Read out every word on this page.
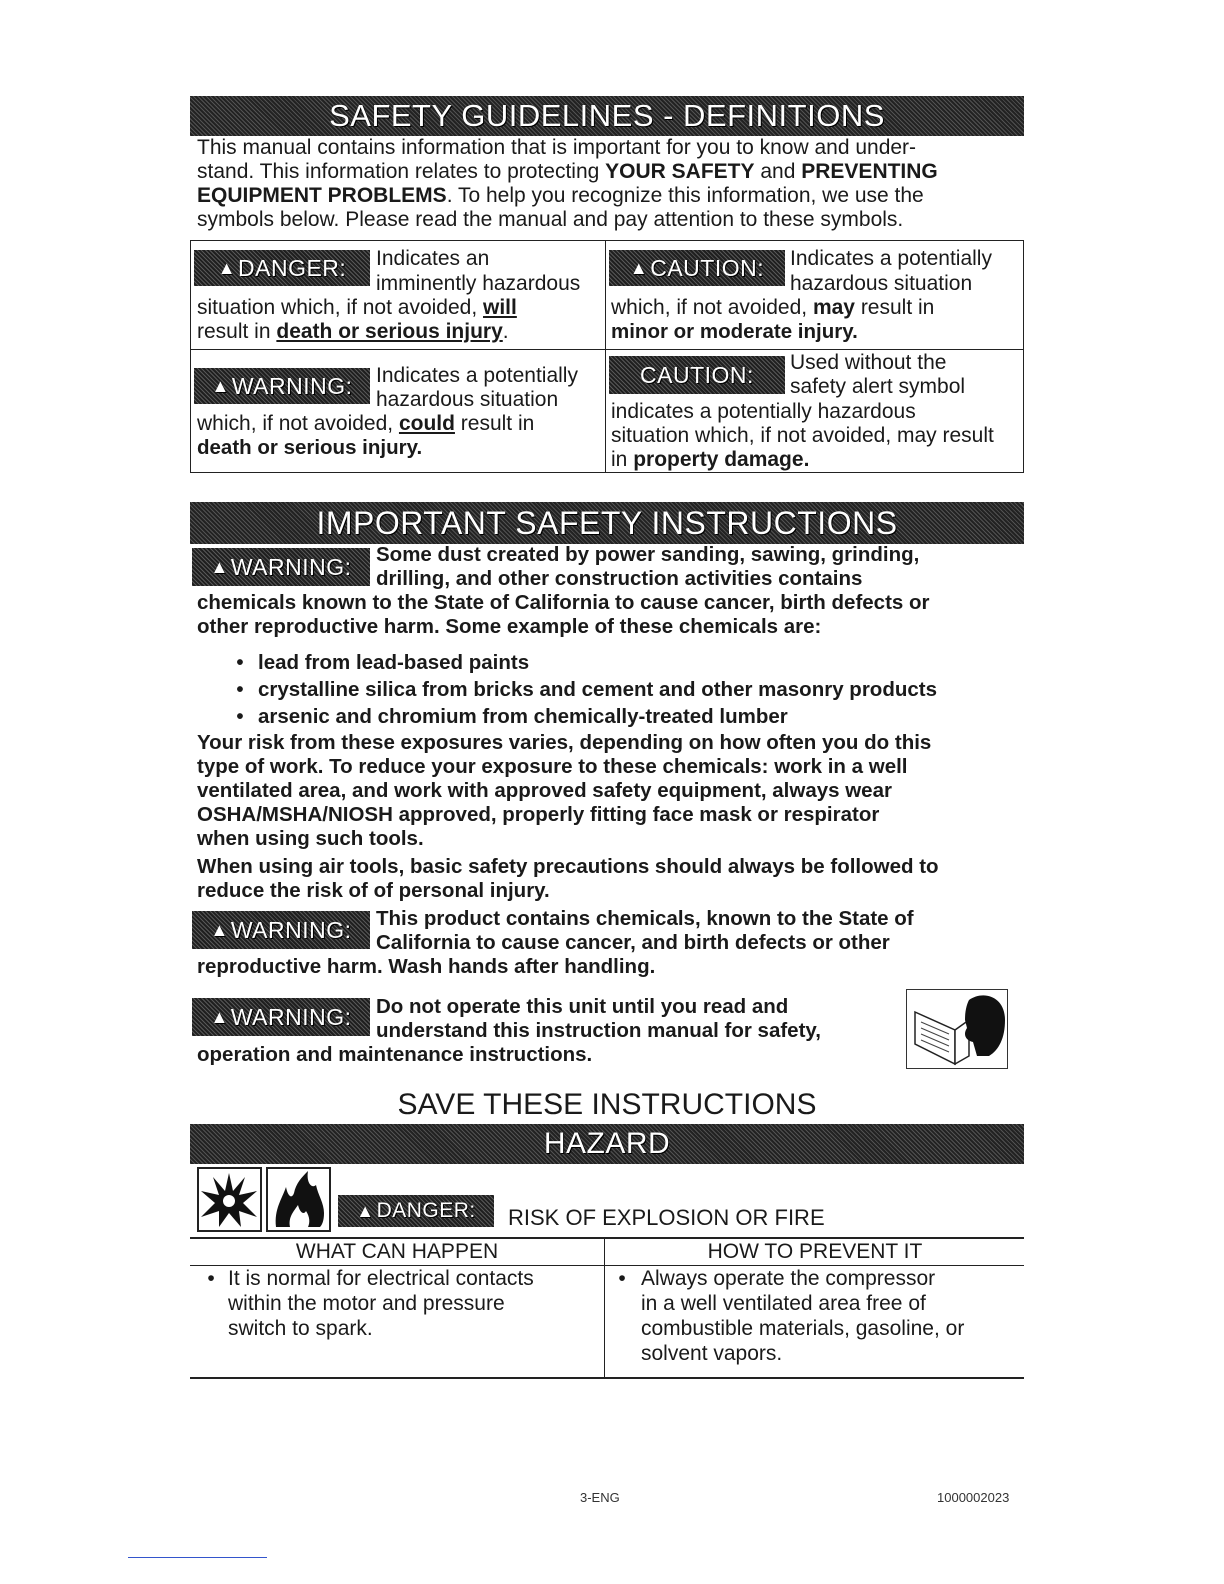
SAFETY GUIDELINES - DEFINITIONS
This manual contains information that is important for you to know and under-
stand. This information relates to protecting YOUR SAFETY and PREVENTING
EQUIPMENT PROBLEMS. To help you recognize this information, we use the
symbols below. Please read the manual and pay attention to these symbols.
▲ DANGER: Indicates an
imminently hazardous
situation which, if not avoided, will
result in death or serious injury.
▲ CAUTION: Indicates a potentially
hazardous situation
which, if not avoided, may result in
minor or moderate injury.
▲ WARNING: Indicates a potentially
hazardous situation
which, if not avoided, could result in
death or serious injury.
CAUTION: Used without the
safety alert symbol
indicates a potentially hazardous
situation which, if not avoided, may result
in property damage.
IMPORTANT SAFETY INSTRUCTIONS
▲ WARNING: Some dust created by power sanding, sawing, grinding,
drilling, and other construction activities contains
chemicals known to the State of California to cause cancer, birth defects or
other reproductive harm. Some example of these chemicals are:
• lead from lead-based paints
• crystalline silica from bricks and cement and other masonry products
• arsenic and chromium from chemically-treated lumber
Your risk from these exposures varies, depending on how often you do this
type of work. To reduce your exposure to these chemicals: work in a well
ventilated area, and work with approved safety equipment, always wear
OSHA/MSHA/NIOSH approved, properly fitting face mask or respirator
when using such tools.
When using air tools, basic safety precautions should always be followed to
reduce the risk of of personal injury.
▲ WARNING: This product contains chemicals, known to the State of
California to cause cancer, and birth defects or other
reproductive harm. Wash hands after handling.
▲ WARNING: Do not operate this unit until you read and
understand this instruction manual for safety,
operation and maintenance instructions.
SAVE THESE INSTRUCTIONS
HAZARD
▲ DANGER: RISK OF EXPLOSION OR FIRE
WHAT CAN HAPPEN	HOW TO PREVENT IT
• It is normal for electrical contacts
within the motor and pressure
switch to spark.
• Always operate the compressor
in a well ventilated area free of
combustible materials, gasoline, or
solvent vapors.
3-ENG	1000002023
